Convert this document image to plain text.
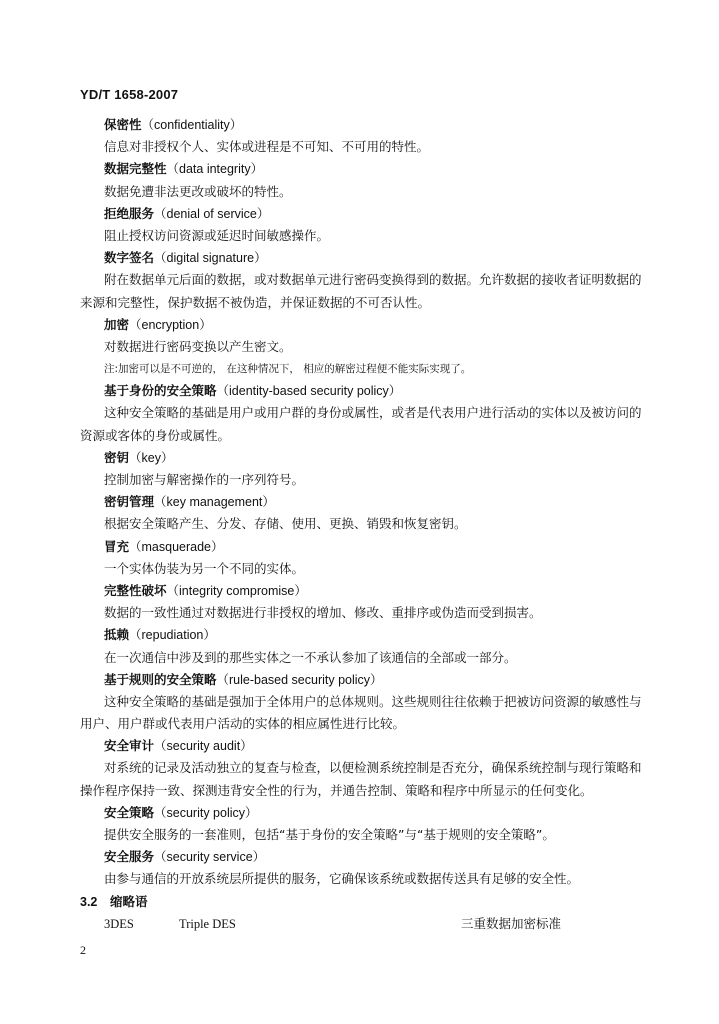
YD/T 1658-2007
保密性（confidentiality）
信息对非授权个人、实体或进程是不可知、不可用的特性。
数据完整性（data integrity）
数据免遭非法更改或破坏的特性。
拒绝服务（denial of service）
阻止授权访问资源或延迟时间敏感操作。
数字签名（digital signature）
附在数据单元后面的数据，或对数据单元进行密码变换得到的数据。允许数据的接收者证明数据的
来源和完整性，保护数据不被伪造，并保证数据的不可否认性。
加密（encryption）
对数据进行密码变换以产生密文。
注:加密可以是不可逆的， 在这种情况下， 相应的解密过程便不能实际实现了。
基于身份的安全策略（identity-based security policy）
这种安全策略的基础是用户或用户群的身份或属性，或者是代表用户进行活动的实体以及被访问的
资源或客体的身份或属性。
密钥（key）
控制加密与解密操作的一序列符号。
密钥管理（key management）
根据安全策略产生、分发、存储、使用、更换、销毁和恢复密钥。
冒充（masquerade）
一个实体伪装为另一个不同的实体。
完整性破坏（integrity compromise）
数据的一致性通过对数据进行非授权的增加、修改、重排序或伪造而受到损害。
抵赖（repudiation）
在一次通信中涉及到的那些实体之一不承认参加了该通信的全部或一部分。
基于规则的安全策略（rule-based security policy）
这种安全策略的基础是强加于全体用户的总体规则。这些规则往往依赖于把被访问资源的敏感性与
用户、用户群或代表用户活动的实体的相应属性进行比较。
安全审计（security audit）
对系统的记录及活动独立的复查与检查，以便检测系统控制是否充分，确保系统控制与现行策略和
操作程序保持一致、探测违背安全性的行为，并通告控制、策略和程序中所显示的任何变化。
安全策略（security policy）
提供安全服务的一套准则，包括“基于身份的安全策略”与“基于规则的安全策略”。
安全服务（security service）
由参与通信的开放系统层所提供的服务，它确保该系统或数据传送具有足够的安全性。
3.2	缩略语
3DES	Triple DES	三重数据加密标准
2
